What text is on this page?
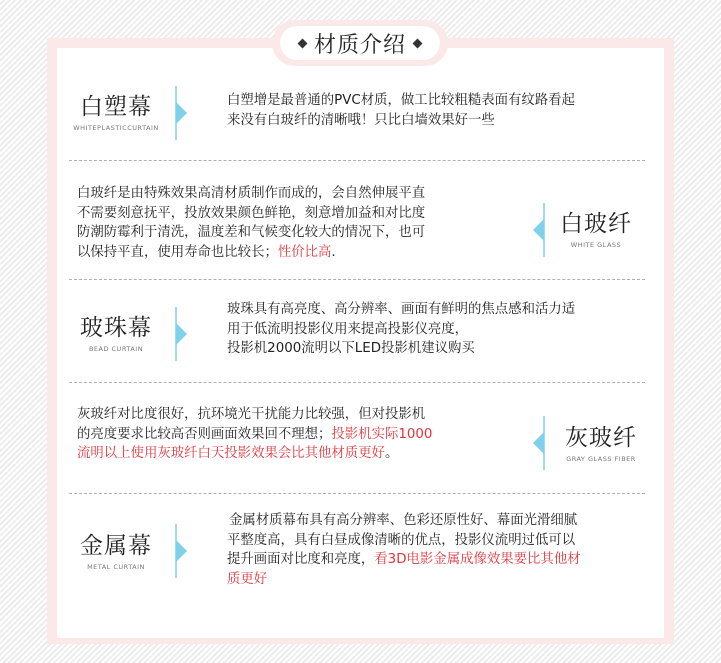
材质介绍
白塑幕
WHITEPLASTICCURTAIN
白塑增是最普通的PVC材质，做工比较粗糙表面有纹路看起
来没有白玻纤的清晰哦！只比白墙效果好一些
白玻纤是由特殊效果高清材质制作而成的，会自然伸展平直
不需要刻意抚平，投放效果颜色鲜艳，刻意增加益和对比度
防潮防霉利于清洗，温度差和气候变化较大的情况下，也可
以保持平直，使用寿命也比较长；性价比高.
白玻纤
WHITE GLASS
玻珠幕
BEAD CURTAIN
玻珠具有高亮度、高分辨率、画面有鲜明的焦点感和活力适
用于低流明投影仪用来提高投影仪亮度，
投影机2000流明以下LED投影机建议购买
灰玻纤对比度很好，抗环境光干扰能力比较强，但对投影机
的亮度要求比较高否则画面效果回不理想；投影机实际1000
流明以上使用灰玻纤白天投影效果会比其他材质更好。
灰玻纤
GRAY GLASS FIBER
金属幕
METAL CURTAIN
金属材质幕布具有高分辨率、色彩还原性好、幕面光滑细腻
平整度高，具有白昼成像清晰的优点，投影仪流明过低可以
提升画面对比度和亮度，看3D电影金属成像效果要比其他材
质更好
